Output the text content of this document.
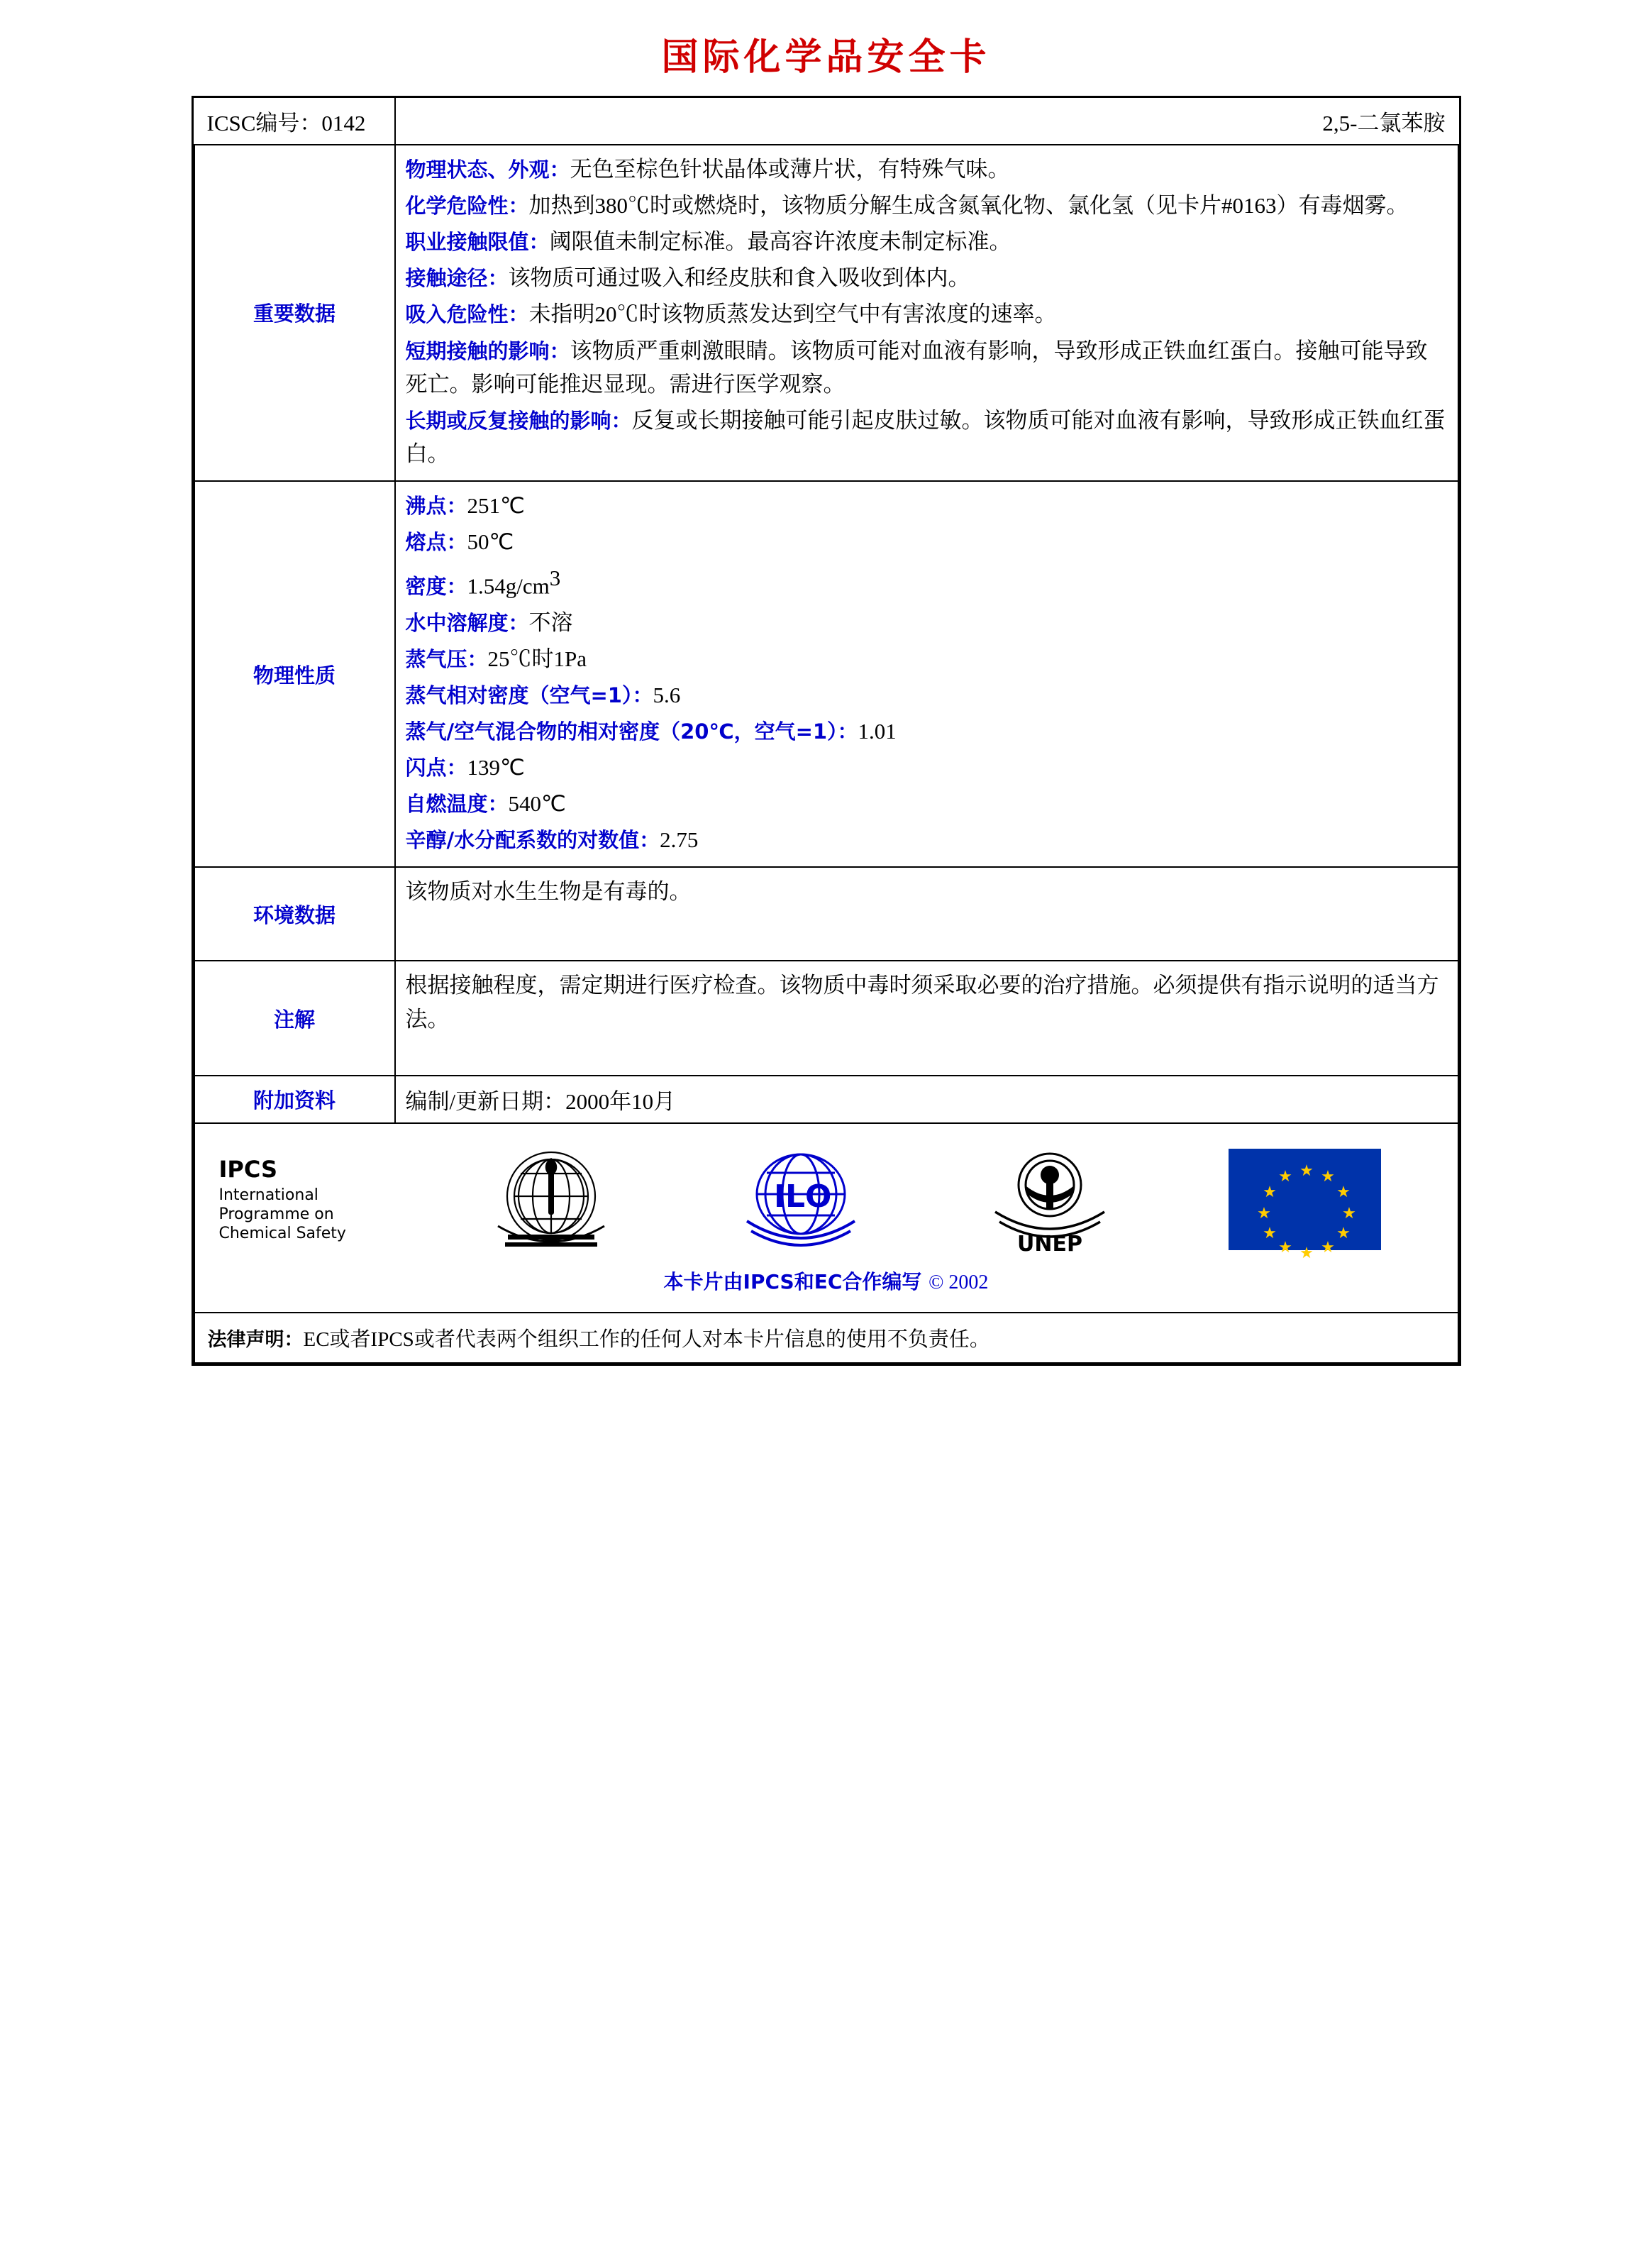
国际化学品安全卡
ICSC编号：0142	2,5-二氯苯胺
重要数据	

物理状态、外观：无色至棕色针状晶体或薄片状，有特殊气味。

化学危险性：加热到380℃时或燃烧时，该物质分解生成含氮氧化物、氯化氢（见卡片#0163）有毒烟雾。

职业接触限值：阈限值未制定标准。最高容许浓度未制定标准。

接触途径：该物质可通过吸入和经皮肤和食入吸收到体内。

吸入危险性：未指明20℃时该物质蒸发达到空气中有害浓度的速率。

短期接触的影响：该物质严重刺激眼睛。该物质可能对血液有影响，导致形成正铁血红蛋白。接触可能导致死亡。影响可能推迟显现。需进行医学观察。

长期或反复接触的影响：反复或长期接触可能引起皮肤过敏。该物质可能对血液有影响，导致形成正铁血红蛋白。

物理性质	

沸点：251℃

熔点：50℃

密度：$1.54g/cm^3$

水中溶解度：不溶

蒸气压：25℃时1Pa

蒸气相对密度（空气=1）：5.6

蒸气/空气混合物的相对密度（20℃，空气=1）：1.01

闪点：139℃

自燃温度：540℃

辛醇/水分配系数的对数值：2.75

环境数据	该物质对水生生物是有毒的。
注解	根据接触程度，需定期进行医疗检查。该物质中毒时须采取必要的治疗措施。必须提供有指示说明的适当方法。
附加资料	编制/更新日期：2000年10月

IPCS
International
Programme on
Chemical Safety
I L O
UNEP
★ ★
★
★
★
★
★
★
★
★
★
★
本卡片由IPCS和EC合作编写 © 2002

法律声明：EC或者IPCS或者代表两个组织工作的任何人对本卡片信息的使用不负责任。	
